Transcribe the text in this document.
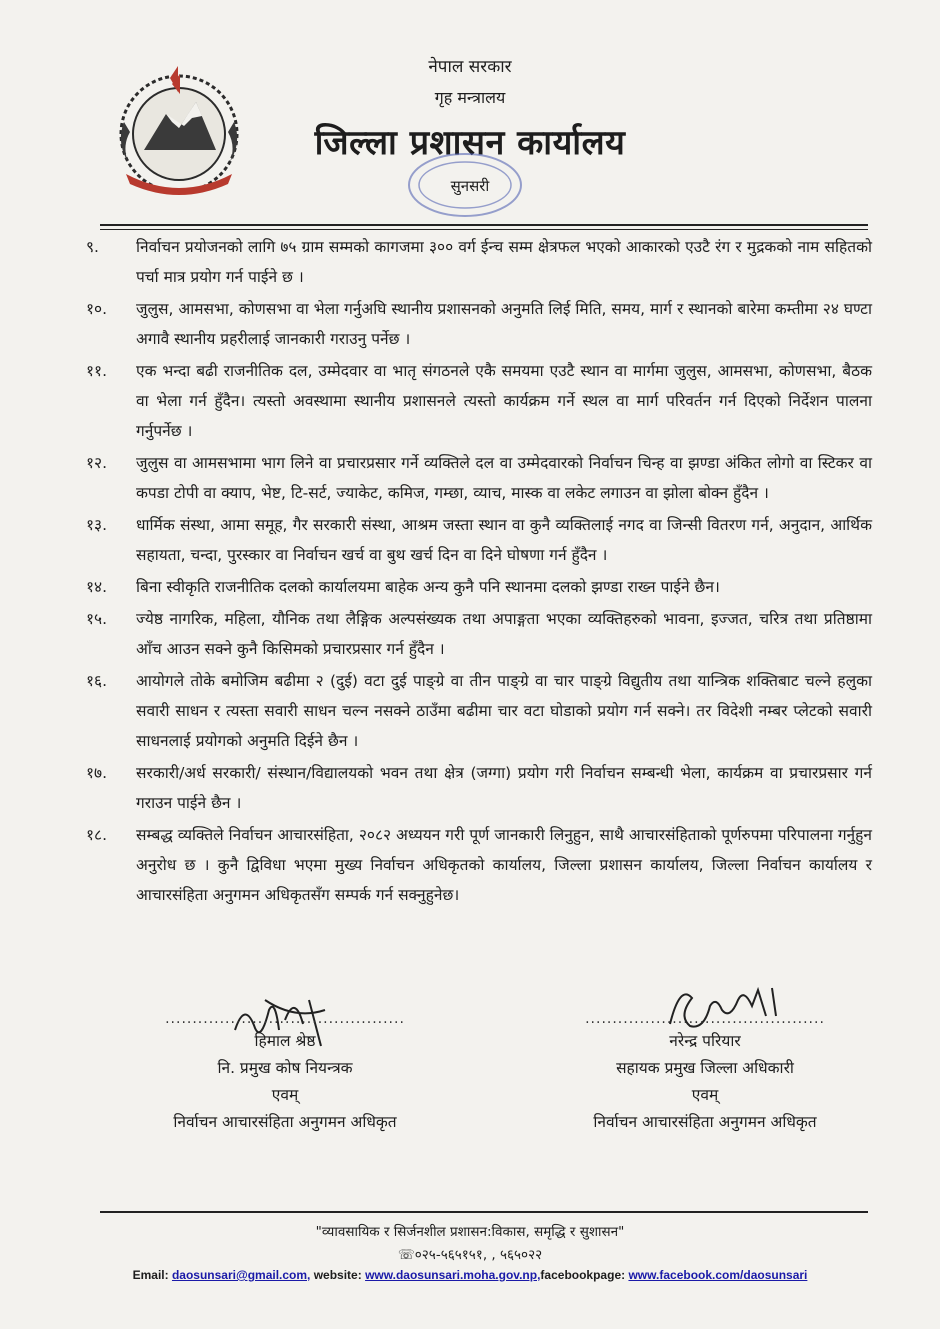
नेपाल सरकार
गृह मन्त्रालय
जिल्ला प्रशासन कार्यालय
सुनसरी
९.	निर्वाचन प्रयोजनको लागि ७५ ग्राम सम्मको कागजमा ३०० वर्ग ईन्च सम्म क्षेत्रफल भएको आकारको एउटै रंग र मुद्रकको नाम सहितको पर्चा मात्र प्रयोग गर्न पाईने छ ।
१०.	जुलुस, आमसभा, कोणसभा वा भेला गर्नुअघि स्थानीय प्रशासनको अनुमति लिई मिति, समय, मार्ग र स्थानको बारेमा कम्तीमा २४ घण्टा अगावै स्थानीय प्रहरीलाई जानकारी गराउनु पर्नेछ ।
११.	एक भन्दा बढी राजनीतिक दल, उम्मेदवार वा भातृ संगठनले एकै समयमा एउटै स्थान वा मार्गमा जुलुस, आमसभा, कोणसभा, बैठक वा भेला गर्न हुँदैन। त्यस्तो अवस्थामा स्थानीय प्रशासनले त्यस्तो कार्यक्रम गर्ने स्थल वा मार्ग परिवर्तन गर्न दिएको निर्देशन पालना गर्नुपर्नेछ ।
१२.	जुलुस वा आमसभामा भाग लिने वा प्रचारप्रसार गर्ने व्यक्तिले दल वा उम्मेदवारको निर्वाचन चिन्ह वा झण्डा अंकित लोगो वा स्टिकर वा कपडा टोपी वा क्याप, भेष्ट, टि-सर्ट, ज्याकेट, कमिज, गम्छा, व्याच, मास्क वा लकेट लगाउन वा झोला बोक्न हुँदैन ।
१३.	धार्मिक संस्था, आमा समूह, गैर सरकारी संस्था, आश्रम जस्ता स्थान वा कुनै व्यक्तिलाई नगद वा जिन्सी वितरण गर्न, अनुदान, आर्थिक सहायता, चन्दा, पुरस्कार वा निर्वाचन खर्च वा बुथ खर्च दिन वा दिने घोषणा गर्न हुँदैन ।
१४.	बिना स्वीकृति राजनीतिक दलको कार्यालयमा बाहेक अन्य कुनै पनि स्थानमा दलको झण्डा राख्न पाईने छैन।
१५.	ज्येष्ठ नागरिक, महिला, यौनिक तथा लैङ्गिक अल्पसंख्यक तथा अपाङ्गता भएका व्यक्तिहरुको भावना, इज्जत, चरित्र तथा प्रतिष्ठामा आँच आउन सक्ने कुनै किसिमको प्रचारप्रसार गर्न हुँदैन ।
१६.	आयोगले तोके बमोजिम बढीमा २ (दुई) वटा दुई पाङ्ग्रे वा तीन पाङ्ग्रे वा चार पाङ्ग्रे विद्युतीय तथा यान्त्रिक शक्तिबाट चल्ने हलुका सवारी साधन र त्यस्ता सवारी साधन चल्न नसक्ने ठाउँमा बढीमा चार वटा घोडाको प्रयोग गर्न सक्ने। तर विदेशी नम्बर प्लेटको सवारी साधनलाई प्रयोगको अनुमति दिईने छैन ।
१७.	सरकारी/अर्ध सरकारी/ संस्थान/विद्यालयको भवन तथा क्षेत्र (जग्गा) प्रयोग गरी निर्वाचन सम्बन्धी भेला, कार्यक्रम वा प्रचारप्रसार गर्न गराउन पाईने छैन ।
१८.	सम्बद्ध व्यक्तिले निर्वाचन आचारसंहिता, २०८२ अध्ययन गरी पूर्ण जानकारी लिनुहुन, साथै आचारसंहिताको पूर्णरुपमा परिपालना गर्नुहुन अनुरोध छ । कुनै द्विविधा भएमा मुख्य निर्वाचन अधिकृतको कार्यालय, जिल्ला प्रशासन कार्यालय, जिल्ला निर्वाचन कार्यालय र आचारसंहिता अनुगमन अधिकृतसँग सम्पर्क गर्न सक्नुहुनेछ।
............................................
हिमाल श्रेष्ठ
नि. प्रमुख कोष नियन्त्रक
एवम्
निर्वाचन आचारसंहिता अनुगमन अधिकृत
............................................
नरेन्द्र परियार
सहायक प्रमुख जिल्ला अधिकारी
एवम्
निर्वाचन आचारसंहिता अनुगमन अधिकृत
"व्यावसायिक र सिर्जनशील प्रशासन:विकास, समृद्धि र सुशासन"
☏०२५-५६५१५१, , ५६५०२२
Email: daosunsari@gmail.com, website: www.daosunsari.moha.gov.np,facebookpage: www.facebook.com/daosunsari
